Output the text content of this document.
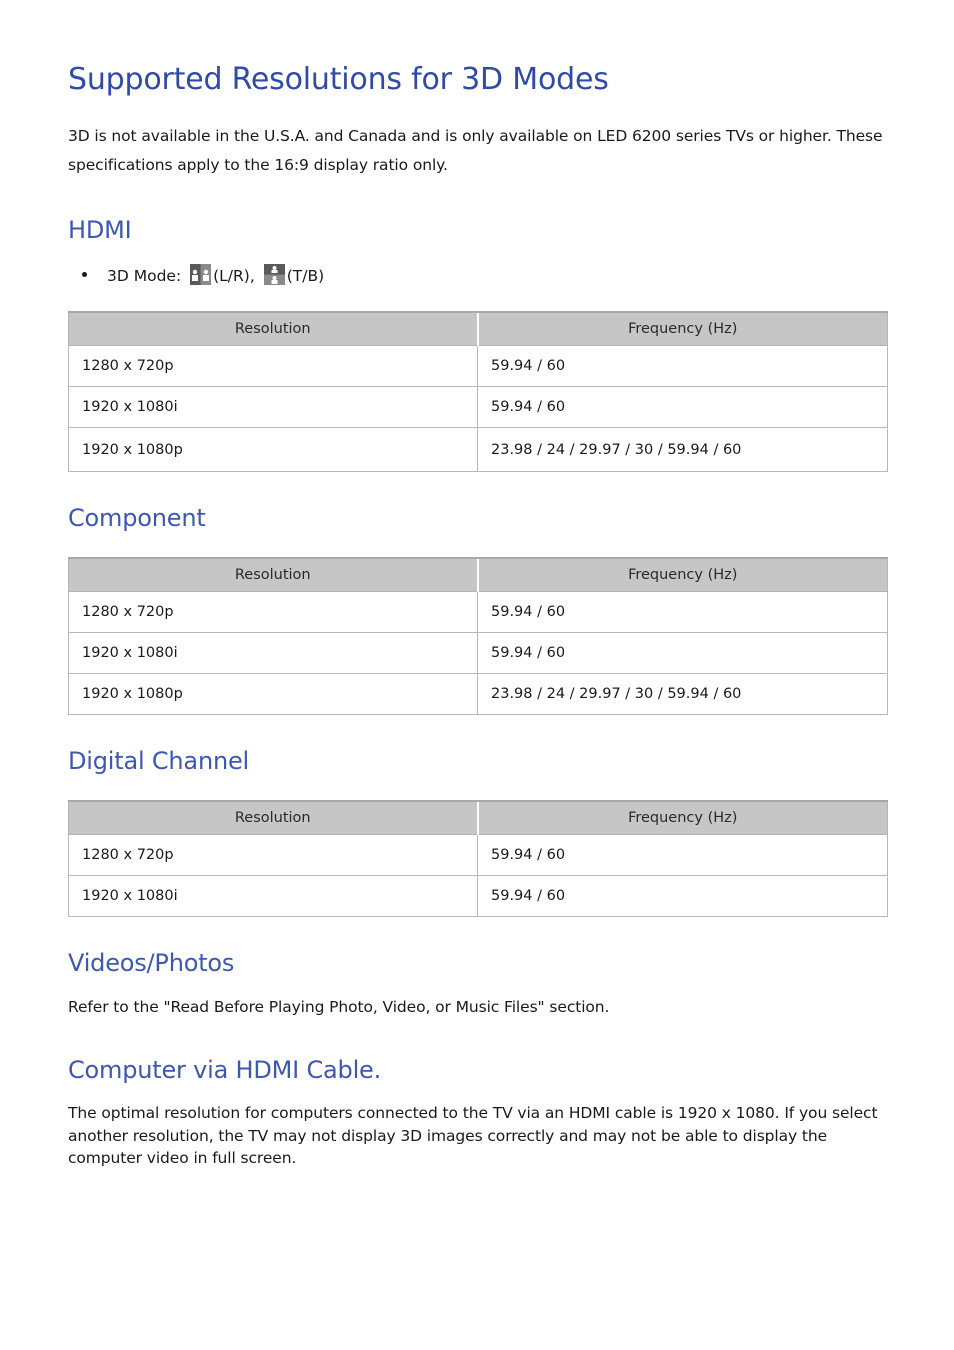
Supported Resolutions for 3D Modes

3D is not available in the U.S.A. and Canada and is only available on LED 6200 series TVs or higher. These specifications apply to the 16:9 display ratio only.

HDMI
3D Mode: (L/R), (T/B)
Resolution	Frequency (Hz)
1280 x 720p	59.94 / 60
1920 x 1080i	59.94 / 60
1920 x 1080p	23.98 / 24 / 29.97 / 30 / 59.94 / 60
Component
Resolution	Frequency (Hz)
1280 x 720p	59.94 / 60
1920 x 1080i	59.94 / 60
1920 x 1080p	23.98 / 24 / 29.97 / 30 / 59.94 / 60
Digital Channel
Resolution	Frequency (Hz)
1280 x 720p	59.94 / 60
1920 x 1080i	59.94 / 60
Videos/Photos

Refer to the "Read Before Playing Photo, Video, or Music Files" section.

Computer via HDMI Cable.

The optimal resolution for computers connected to the TV via an HDMI cable is 1920 x 1080. If you select another resolution, the TV may not display 3D images correctly and may not be able to display the computer video in full screen.
